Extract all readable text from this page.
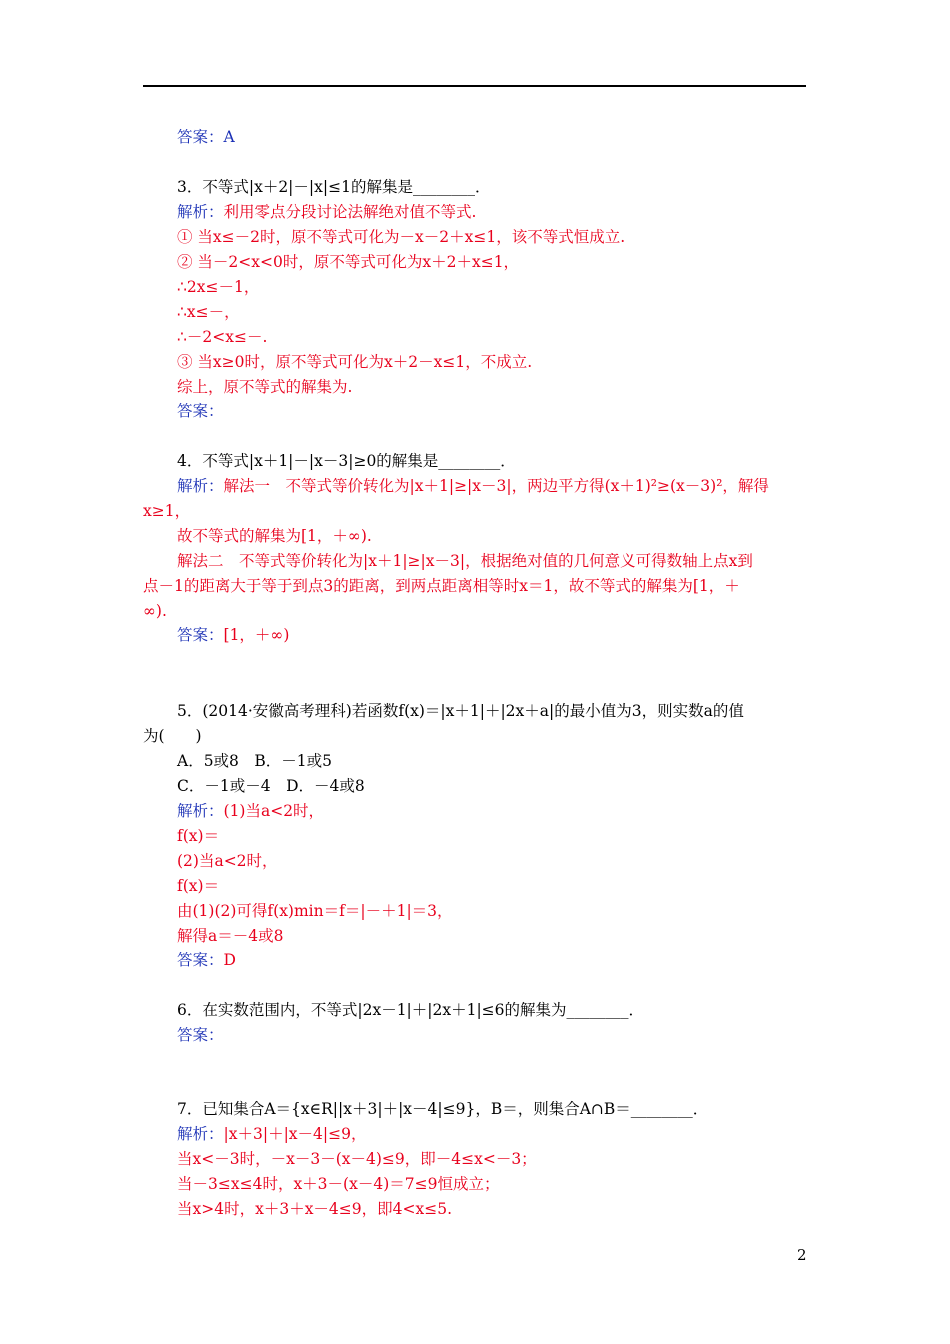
答案：A
3．不等式|x＋2|－|x|≤1的解集是________．
解析：利用零点分段讨论法解绝对值不等式.
① 当x≤－2时，原不等式可化为－x－2＋x≤1，该不等式恒成立.
② 当－2<x<0时，原不等式可化为x＋2＋x≤1，
∴2x≤－1，
∴x≤－，
∴－2<x≤－.
③ 当x≥0时，原不等式可化为x＋2－x≤1，不成立.
综上，原不等式的解集为.
答案：
4．不等式|x＋1|－|x－3|≥0的解集是________．
解析：解法一　不等式等价转化为|x＋1|≥|x－3|，两边平方得(x＋1)²≥(x－3)²，解得
x≥1，
故不等式的解集为[1，＋∞).
解法二　不等式等价转化为|x＋1|≥|x－3|，根据绝对值的几何意义可得数轴上点x到
点－1的距离大于等于到点3的距离，到两点距离相等时x＝1，故不等式的解集为[1，＋
∞).
答案：[1，＋∞)
5．(2014·安徽高考理科)若函数f(x)＝|x＋1|＋|2x＋a|的最小值为3，则实数a的值
为(　　)
A．5或8　B．－1或5
C．－1或－4　D．－4或8
解析：(1)当a<2时，
f(x)＝
(2)当a<2时，
f(x)＝
由(1)(2)可得f(x)min＝f＝|－＋1|＝3，
解得a＝－4或8
答案：D
6．在实数范围内，不等式|2x－1|＋|2x＋1|≤6的解集为________．
答案：
7．已知集合A＝{x∈R||x＋3|＋|x－4|≤9}，B＝，则集合A∩B＝________．
解析：|x＋3|＋|x－4|≤9，
当x<－3时，－x－3－(x－4)≤9，即－4≤x<－3；
当－3≤x≤4时，x＋3－(x－4)＝7≤9恒成立；
当x>4时，x＋3＋x－4≤9，即4<x≤5.
2
